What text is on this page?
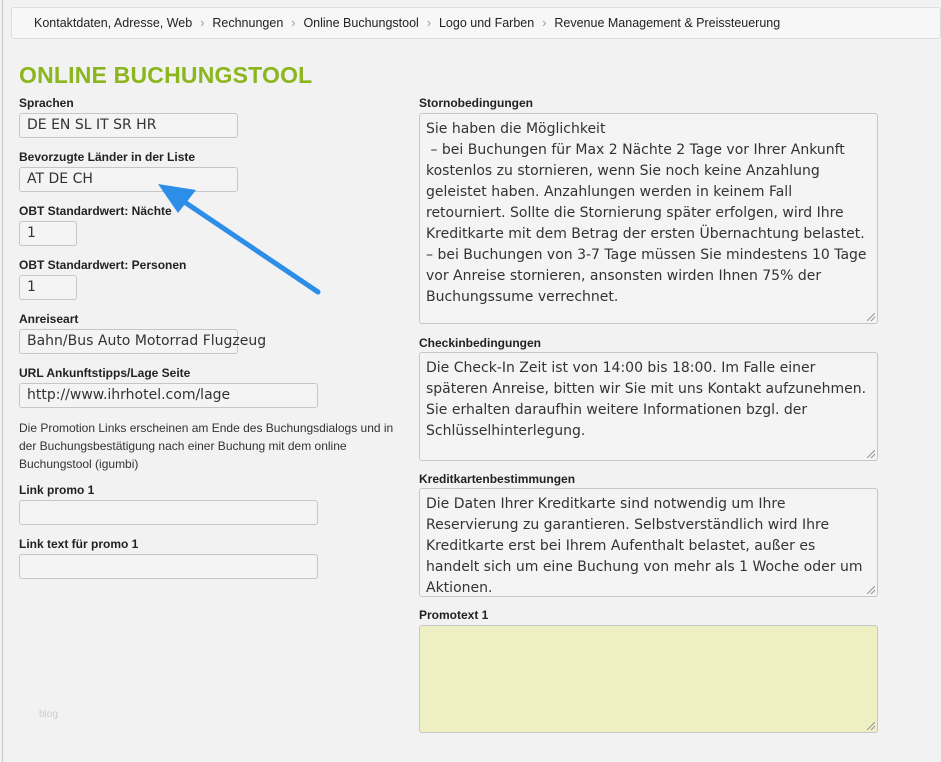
Kontaktdaten, Adresse, Web › Rechnungen › Online Buchungstool › Logo und Farben › Revenue Management & Preissteuerung
ONLINE BUCHUNGSTOOL
Sprachen
DE EN SL IT SR HR
Bevorzugte Länder in der Liste
AT DE CH
OBT Standardwert: Nächte
1
OBT Standardwert: Personen
1
Anreiseart
Bahn/Bus Auto Motorrad Flugzeug
URL Ankunftstipps/Lage Seite
http://www.ihrhotel.com/lage
Die Promotion Links erscheinen am Ende des Buchungsdialogs und in der Buchungsbestätigung nach einer Buchung mit dem online Buchungstool (igumbi)
Link promo 1
Link text für promo 1
blog
Stornobedingungen
Sie haben die Möglichkeit
– bei Buchungen für Max 2 Nächte 2 Tage vor Ihrer Ankunft kostenlos zu stornieren, wenn Sie noch keine Anzahlung geleistet haben. Anzahlungen werden in keinem Fall retourniert. Sollte die Stornierung später erfolgen, wird Ihre Kreditkarte mit dem Betrag der ersten Übernachtung belastet.
– bei Buchungen von 3-7 Tage müssen Sie mindestens 10 Tage vor Anreise stornieren, ansonsten wirden Ihnen 75% der Buchungssume verrechnet.
Checkinbedingungen
Die Check-In Zeit ist von 14:00 bis 18:00. Im Falle einer späteren Anreise, bitten wir Sie mit uns Kontakt aufzunehmen. Sie erhalten daraufhin weitere Informationen bzgl. der Schlüsselhinterlegung.
Kreditkartenbestimmungen
Die Daten Ihrer Kreditkarte sind notwendig um Ihre Reservierung zu garantieren. Selbstverständlich wird Ihre Kreditkarte erst bei Ihrem Aufenthalt belastet, außer es handelt sich um eine Buchung von mehr als 1 Woche oder um Aktionen.
Promotext 1
